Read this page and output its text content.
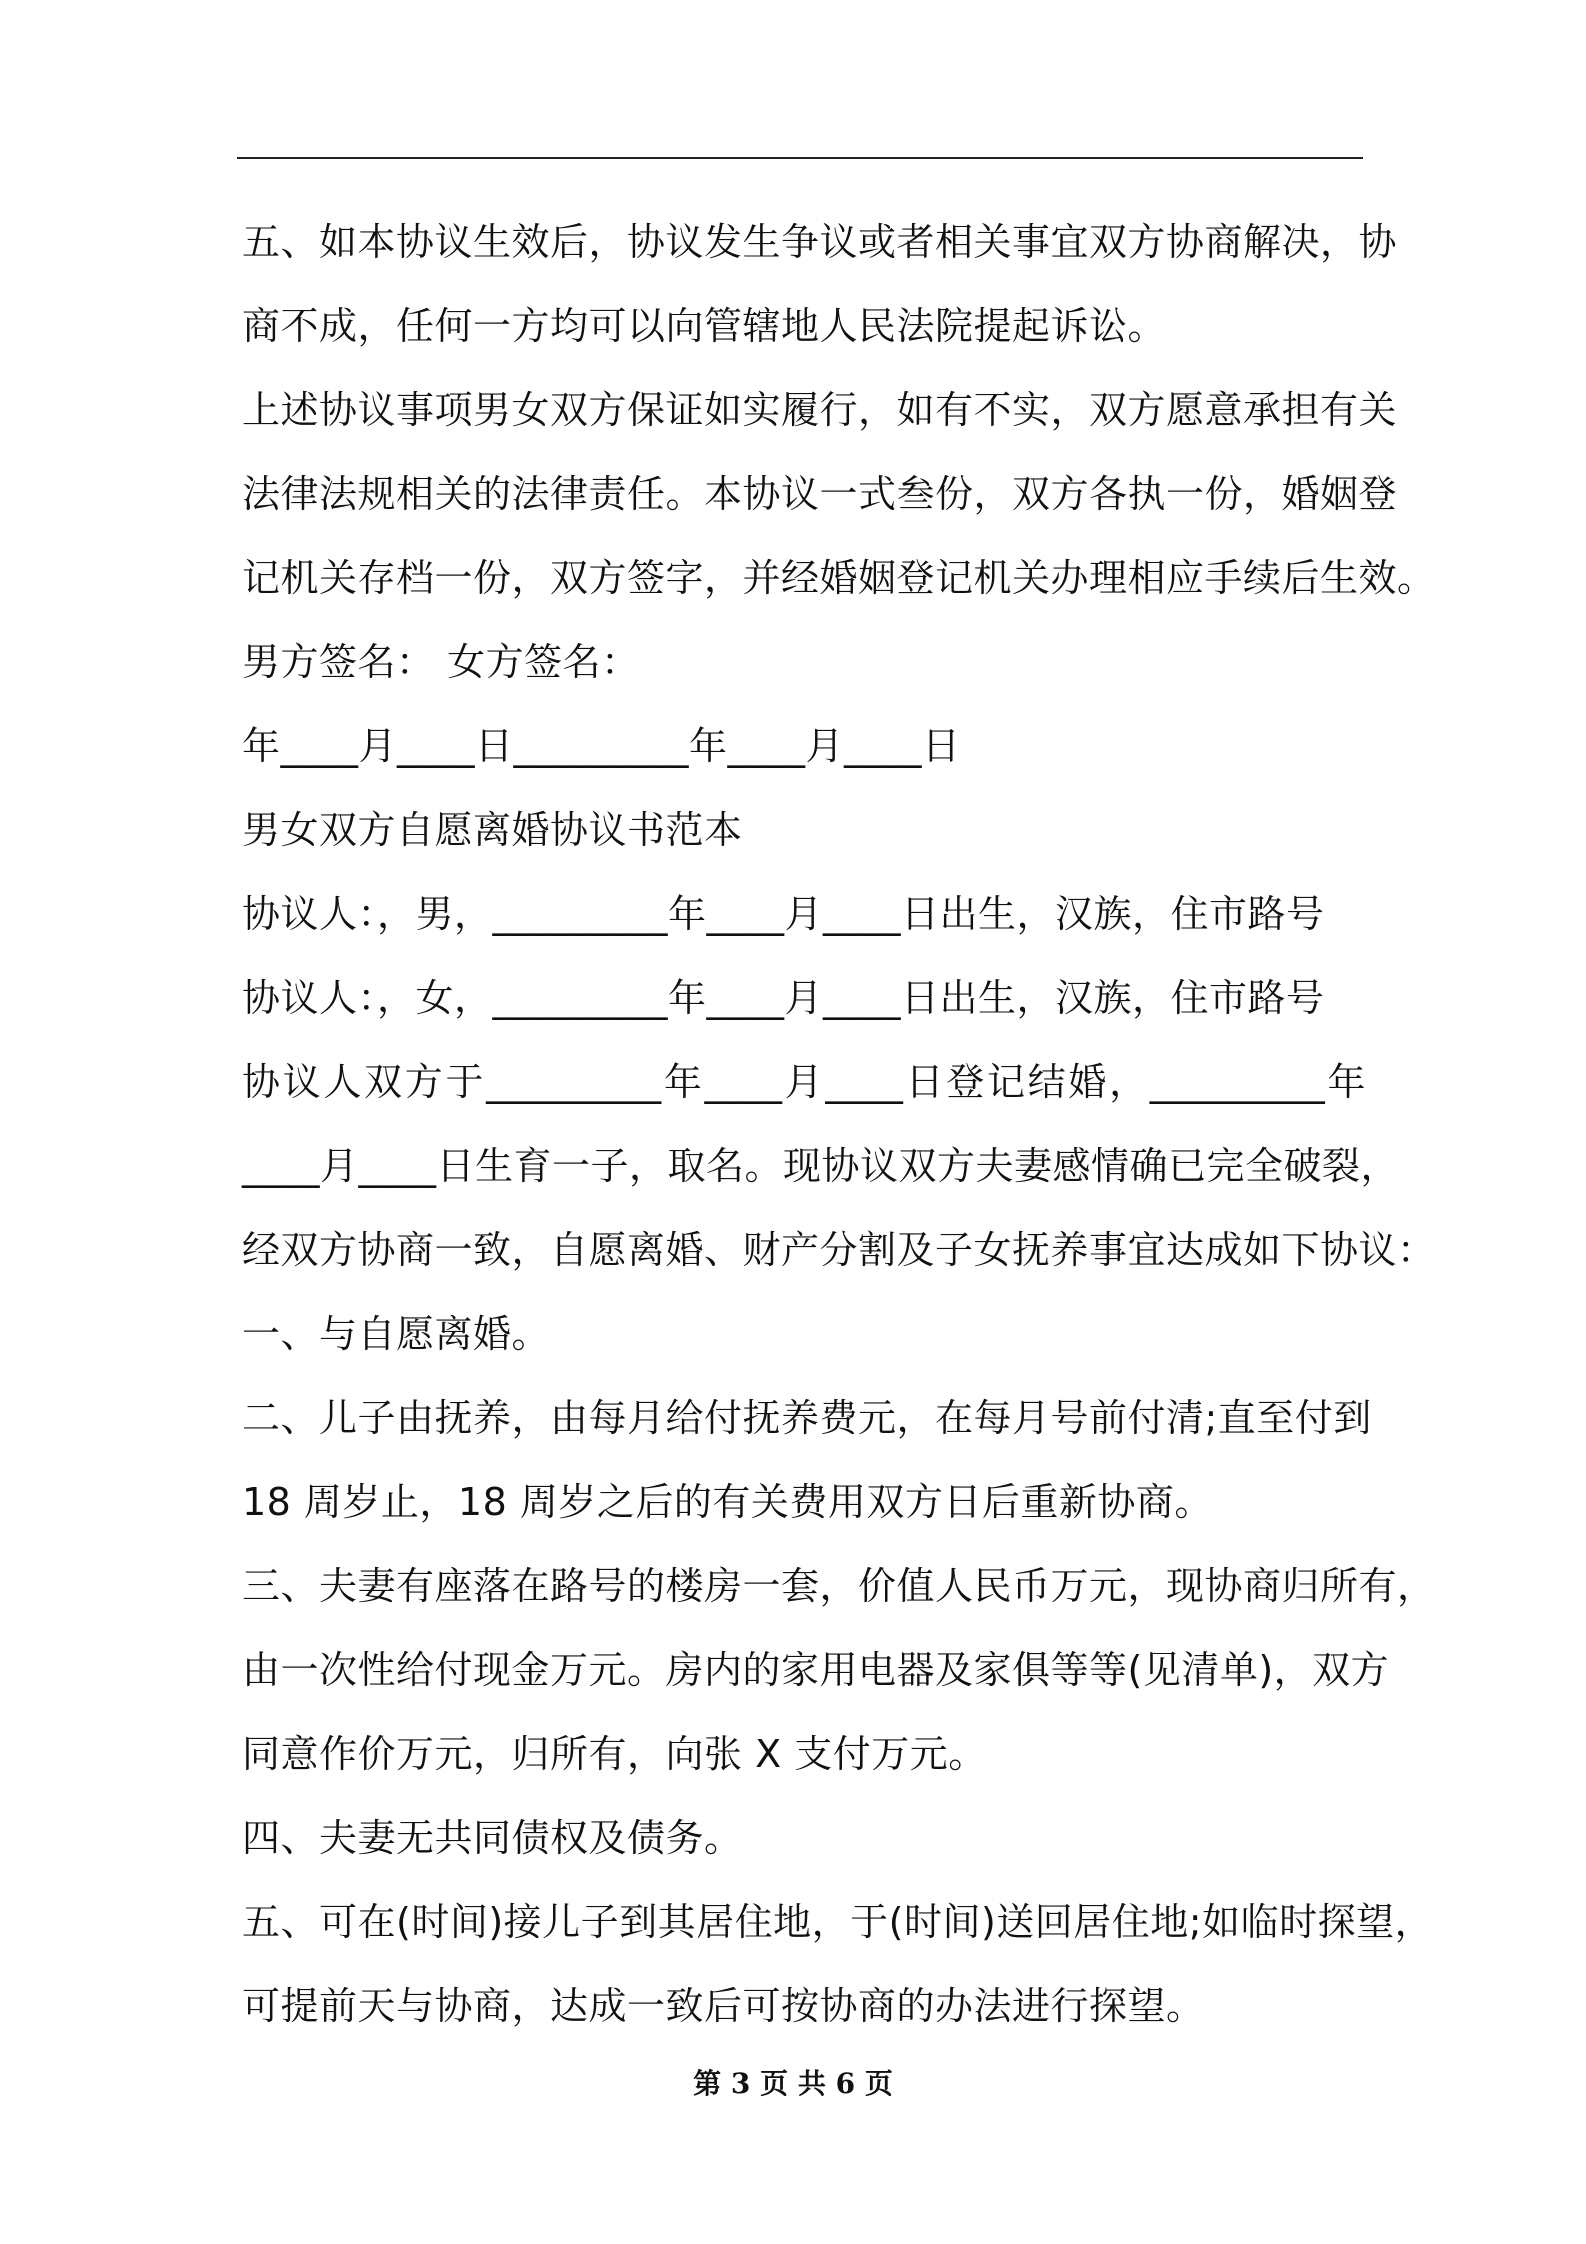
五、如本协议生效后，协议发生争议或者相关事宜双方协商解决，协
商不成，任何一方均可以向管辖地人民法院提起诉讼。
上述协议事项男女双方保证如实履行，如有不实，双方愿意承担有关
法律法规相关的法律责任。本协议一式叁份，双方各执一份，婚姻登
记机关存档一份，双方签字，并经婚姻登记机关办理相应手续后生效。
男方签名： 女方签名：
年____月____日_________年____月____日
男女双方自愿离婚协议书范本
协议人：，男，_________年____月____日出生，汉族，住市路号
协议人：，女，_________年____月____日出生，汉族，住市路号
协议人双方于_________年____月____日登记结婚，_________年
____月____日生育一子，取名。现协议双方夫妻感情确已完全破裂，
经双方协商一致，自愿离婚、财产分割及子女抚养事宜达成如下协议：
一、与自愿离婚。
二、儿子由抚养，由每月给付抚养费元，在每月号前付清;直至付到
18 周岁止，18 周岁之后的有关费用双方日后重新协商。
三、夫妻有座落在路号的楼房一套，价值人民币万元，现协商归所有，
由一次性给付现金万元。房内的家用电器及家俱等等(见清单)，双方
同意作价万元，归所有，向张 X 支付万元。
四、夫妻无共同债权及债务。
五、可在(时间)接儿子到其居住地，于(时间)送回居住地;如临时探望，
可提前天与协商，达成一致后可按协商的办法进行探望。
第 3 页 共 6 页
